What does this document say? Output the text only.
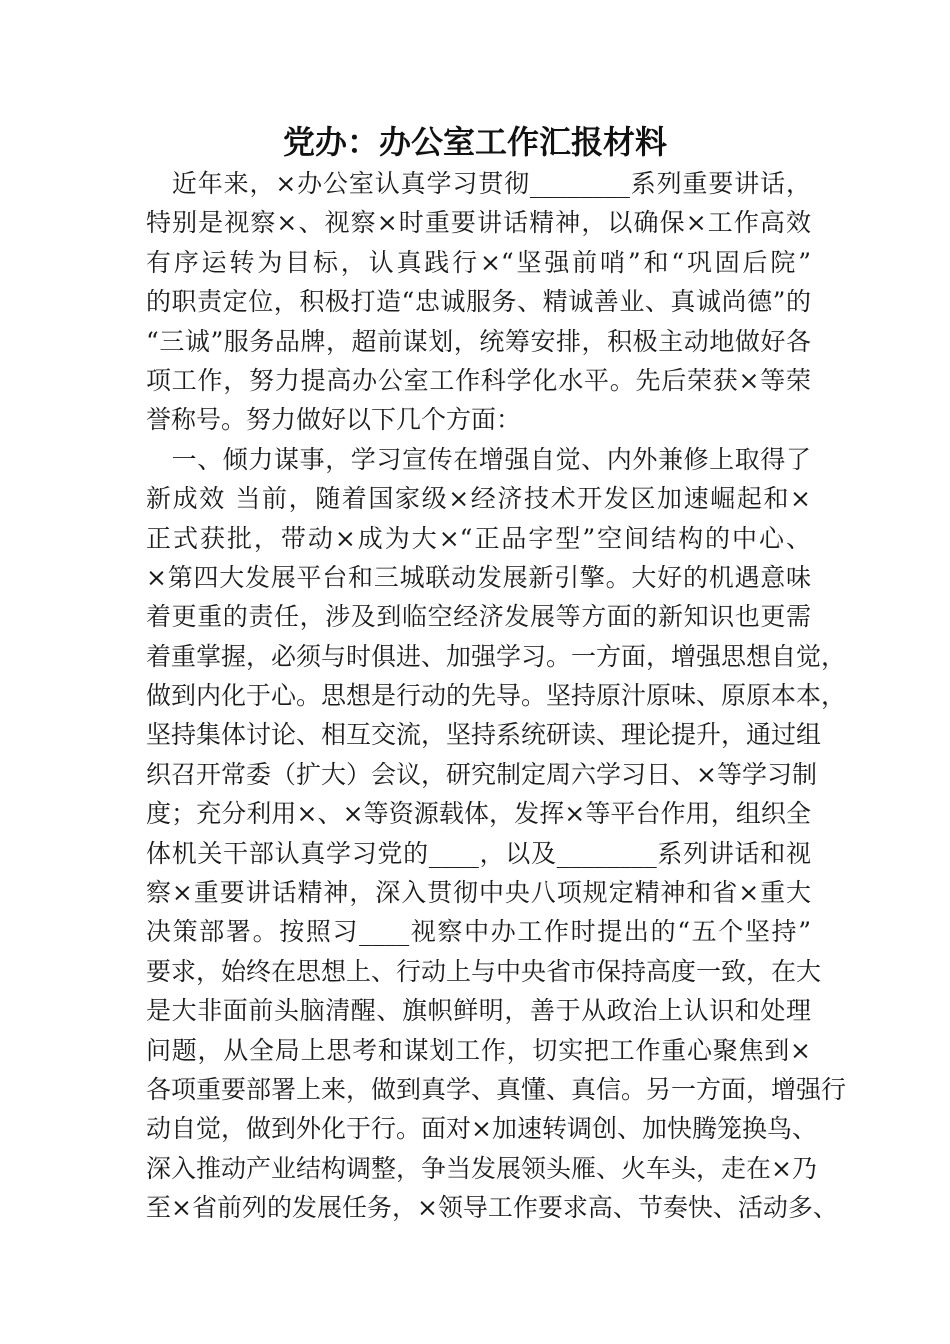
党办：办公室工作汇报材料
　近年来，×办公室认真学习贯彻________系列重要讲话，
特别是视察×、视察×时重要讲话精神，以确保×工作高效
有序运转为目标，认真践行×“坚强前哨”和“巩固后院”
的职责定位，积极打造“忠诚服务、精诚善业、真诚尚德”的
“三诚”服务品牌，超前谋划，统筹安排，积极主动地做好各
项工作，努力提高办公室工作科学化水平。先后荣获×等荣
誉称号。努力做好以下几个方面：
　一、倾力谋事，学习宣传在增强自觉、内外兼修上取得了
新成效 当前，随着国家级×经济技术开发区加速崛起和×
正式获批，带动×成为大×“正品字型”空间结构的中心、
×第四大发展平台和三城联动发展新引擎。大好的机遇意味
着更重的责任，涉及到临空经济发展等方面的新知识也更需
着重掌握，必须与时俱进、加强学习。一方面，增强思想自觉，
做到内化于心。思想是行动的先导。坚持原汁原味、原原本本，
坚持集体讨论、相互交流，坚持系统研读、理论提升，通过组
织召开常委（扩大）会议，研究制定周六学习日、×等学习制
度；充分利用×、×等资源载体，发挥×等平台作用，组织全
体机关干部认真学习党的____，以及________系列讲话和视
察×重要讲话精神，深入贯彻中央八项规定精神和省×重大
决策部署。按照习____视察中办工作时提出的“五个坚持”
要求，始终在思想上、行动上与中央省市保持高度一致，在大
是大非面前头脑清醒、旗帜鲜明，善于从政治上认识和处理
问题，从全局上思考和谋划工作，切实把工作重心聚焦到×
各项重要部署上来，做到真学、真懂、真信。另一方面，增强行
动自觉，做到外化于行。面对×加速转调创、加快腾笼换鸟、
深入推动产业结构调整，争当发展领头雁、火车头，走在×乃
至×省前列的发展任务，×领导工作要求高、节奏快、活动多、
